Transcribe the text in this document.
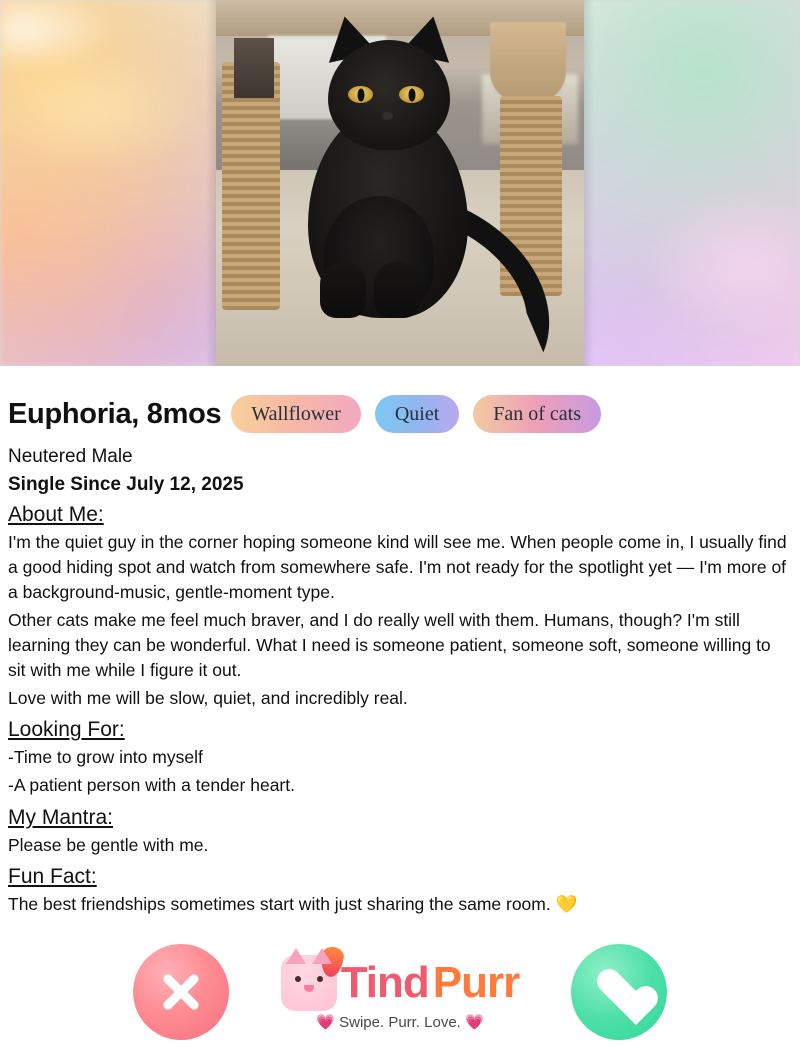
Euphoria, 8mos	Wallflower	Quiet	Fan of cats
Neutered Male
Single Since July 12, 2025
About Me:
I'm the quiet guy in the corner hoping someone kind will see me. When people come in, I usually find a good hiding spot and watch from somewhere safe. I'm not ready for the spotlight yet — I'm more of a background-music, gentle-moment type.
Other cats make me feel much braver, and I do really well with them. Humans, though? I'm still learning they can be wonderful. What I need is someone patient, someone soft, someone willing to sit with me while I figure it out.
Love with me will be slow, quiet, and incredibly real.
Looking For:
-Time to grow into myself
-A patient person with a tender heart.
My Mantra:
Please be gentle with me.
Fun Fact:
The best friendships sometimes start with just sharing the same room. 💛
Tind Purr
💗 Swipe. Purr. Love. 💗
